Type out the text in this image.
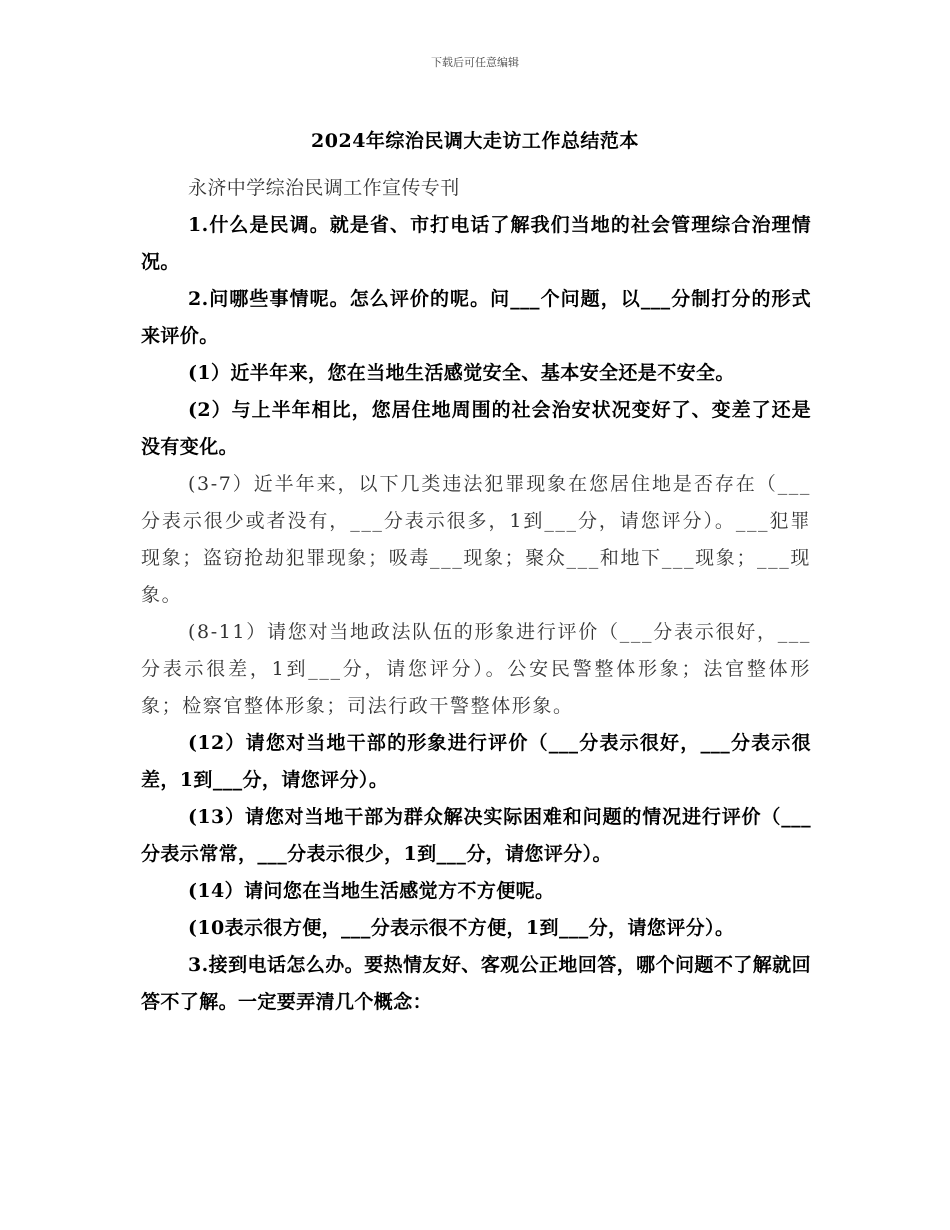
下载后可任意编辑
2024年综治民调大走访工作总结范本

永济中学综治民调工作宣传专刊

1.什么是民调。就是省、市打电话了解我们当地的社会管理综合治理情况。

2.问哪些事情呢。怎么评价的呢。问___个问题，以___分制打分的形式来评价。

(1）近半年来，您在当地生活感觉安全、基本安全还是不安全。

(2）与上半年相比，您居住地周围的社会治安状况变好了、变差了还是没有变化。

(3-7）近半年来，以下几类违法犯罪现象在您居住地是否存在（___分表示很少或者没有，___分表示很多，1到___分，请您评分）。___犯罪现象；盗窃抢劫犯罪现象；吸毒___现象；聚众___和地下___现象；___现象。

(8-11）请您对当地政法队伍的形象进行评价（___分表示很好，___分表示很差，1到___分，请您评分）。公安民警整体形象；法官整体形象；检察官整体形象；司法行政干警整体形象。

(12）请您对当地干部的形象进行评价（___分表示很好，___分表示很差，1到___分，请您评分）。

(13）请您对当地干部为群众解决实际困难和问题的情况进行评价（___分表示常常，___分表示很少，1到___分，请您评分）。

(14）请问您在当地生活感觉方不方便呢。

(10表示很方便，___分表示很不方便，1到___分，请您评分）。

3.接到电话怎么办。要热情友好、客观公正地回答，哪个问题不了解就回答不了解。一定要弄清几个概念：
